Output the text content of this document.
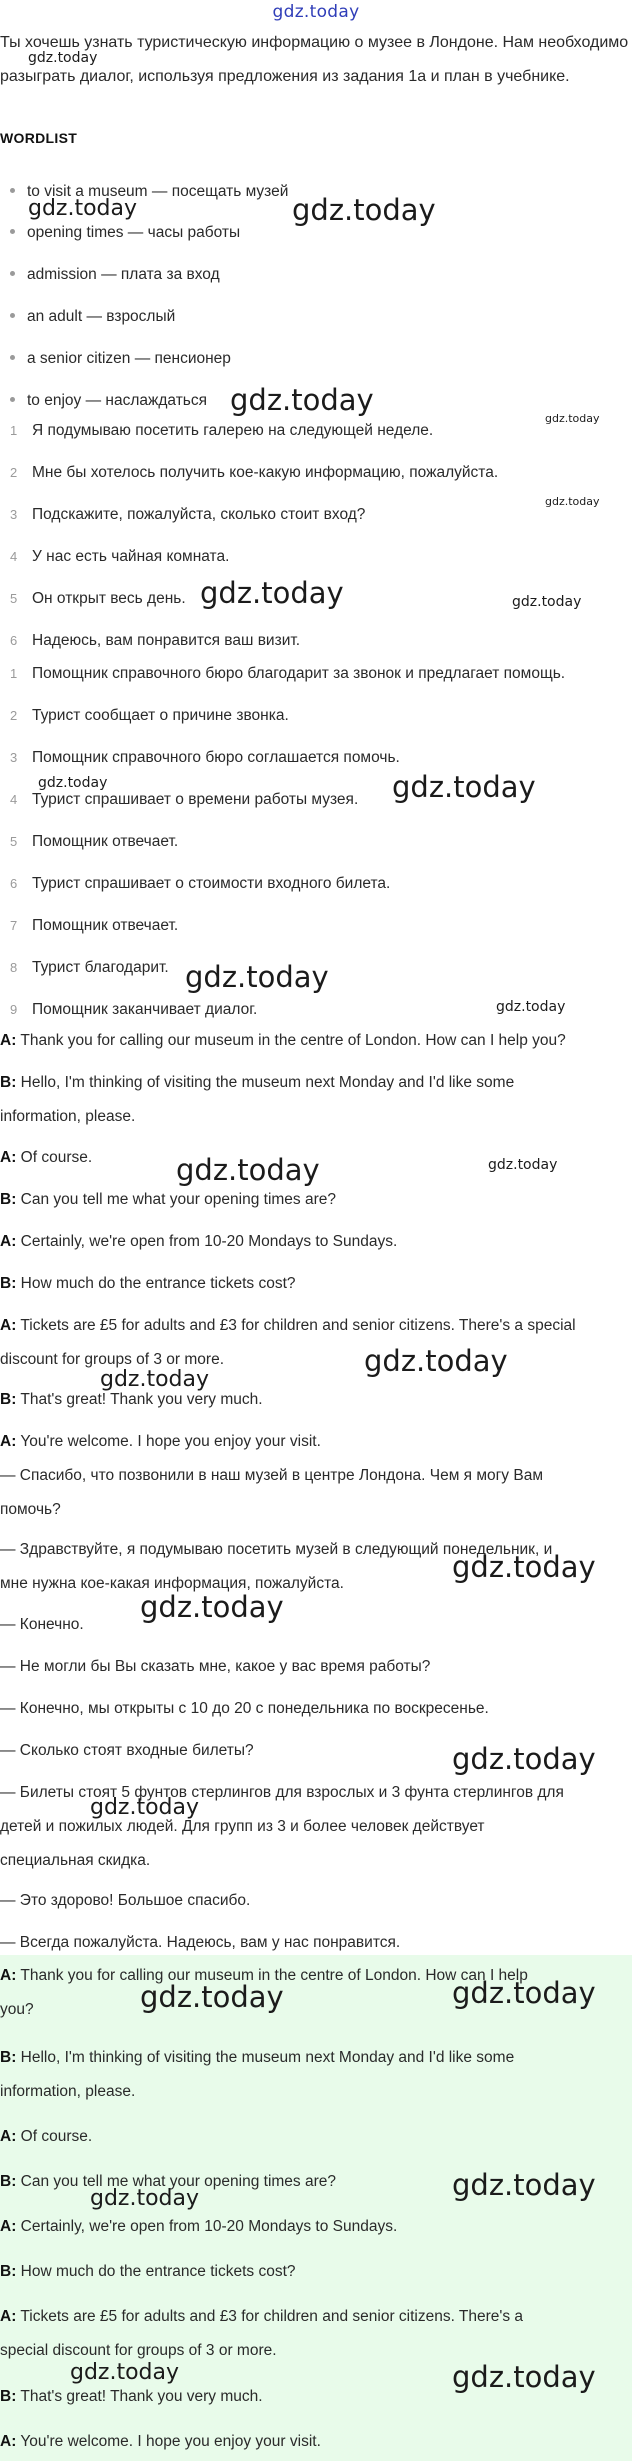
gdz.today
Ты хочешь узнать туристическую информацию о музее в Лондоне. Нам необходимо разыграть диалог, используя предложения из задания 1a и план в учебнике.
WORDLIST
to visit a museum — посещать музей
opening times — часы работы
admission — плата за вход
an adult — взрослый
a senior citizen — пенсионер
to enjoy — наслаждаться
1 Я подумываю посетить галерею на следующей неделе.
2 Мне бы хотелось получить кое-какую информацию, пожалуйста.
3 Подскажите, пожалуйста, сколько стоит вход?
4 У нас есть чайная комната.
5 Он открыт весь день.
6 Надеюсь, вам понравится ваш визит.
1 Помощник справочного бюро благодарит за звонок и предлагает помощь.
2 Турист сообщает о причине звонка.
3 Помощник справочного бюро соглашается помочь.
4 Турист спрашивает о времени работы музея.
5 Помощник отвечает.
6 Турист спрашивает о стоимости входного билета.
7 Помощник отвечает.
8 Турист благодарит.
9 Помощник заканчивает диалог.
A: Thank you for calling our museum in the centre of London. How can I help you?
B: Hello, I'm thinking of visiting the museum next Monday and I'd like some
information, please.
A: Of course.
B: Can you tell me what your opening times are?
A: Certainly, we're open from 10-20 Mondays to Sundays.
B: How much do the entrance tickets cost?
A: Tickets are £5 for adults and £3 for children and senior citizens. There's a special
discount for groups of 3 or more.
B: That's great! Thank you very much.
A: You're welcome. I hope you enjoy your visit.
— Спасибо, что позвонили в наш музей в центре Лондона. Чем я могу Вам
помочь?
— Здравствуйте, я подумываю посетить музей в следующий понедельник, и
мне нужна кое-какая информация, пожалуйста.
— Конечно.
— Не могли бы Вы сказать мне, какое у вас время работы?
— Конечно, мы открыты с 10 до 20 с понедельника по воскресенье.
— Сколько стоят входные билеты?
— Билеты стоят 5 фунтов стерлингов для взрослых и 3 фунта стерлингов для
детей и пожилых людей. Для групп из 3 и более человек действует
специальная скидка.
— Это здорово! Большое спасибо.
— Всегда пожалуйста. Надеюсь, вам у нас понравится.
A: Thank you for calling our museum in the centre of London. How can I help
you?
B: Hello, I'm thinking of visiting the museum next Monday and I'd like some
information, please.
A: Of course.
B: Can you tell me what your opening times are?
A: Certainly, we're open from 10-20 Mondays to Sundays.
B: How much do the entrance tickets cost?
A: Tickets are £5 for adults and £3 for children and senior citizens. There's a
special discount for groups of 3 or more.
B: That's great! Thank you very much.
A: You're welcome. I hope you enjoy your visit.
gdz.today
gdz.today	gdz.today
gdz.today
gdz.today
gdz.today
gdz.today	gdz.today
gdz.today	gdz.today
gdz.today
gdz.today
gdz.today	gdz.today
gdz.today
gdz.today
gdz.today
gdz.today
gdz.today
gdz.today
gdz.today	gdz.today
gdz.today
gdz.today
gdz.today
gdz.today
